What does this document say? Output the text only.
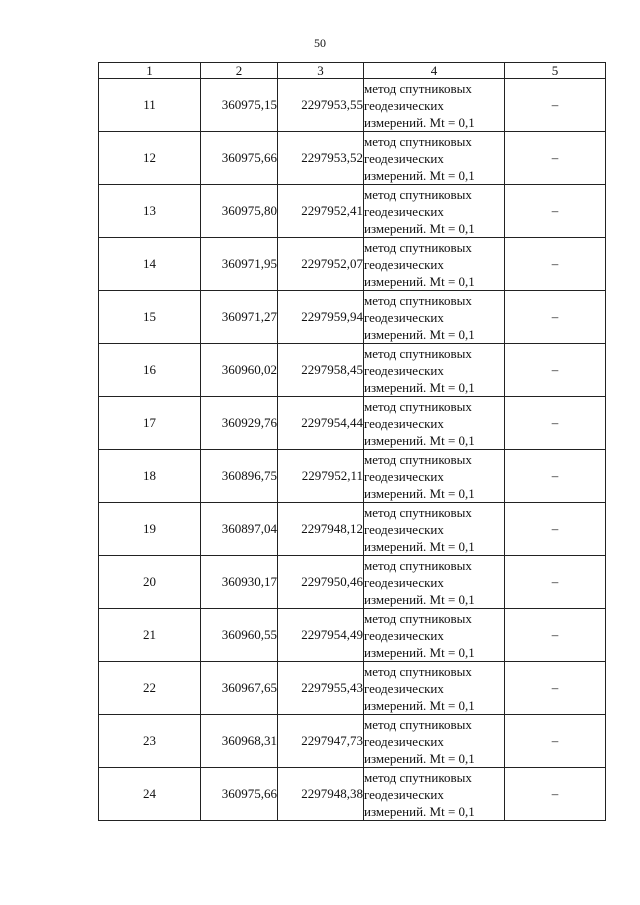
50
1	2	3	4	5
11	360975,15	2297953,55	метод спутниковых
геодезических
измерений. Mt = 0,1	–
12	360975,66	2297953,52	метод спутниковых
геодезических
измерений. Mt = 0,1	–
13	360975,80	2297952,41	метод спутниковых
геодезических
измерений. Mt = 0,1	–
14	360971,95	2297952,07	метод спутниковых
геодезических
измерений. Mt = 0,1	–
15	360971,27	2297959,94	метод спутниковых
геодезических
измерений. Mt = 0,1	–
16	360960,02	2297958,45	метод спутниковых
геодезических
измерений. Mt = 0,1	–
17	360929,76	2297954,44	метод спутниковых
геодезических
измерений. Mt = 0,1	–
18	360896,75	2297952,11	метод спутниковых
геодезических
измерений. Mt = 0,1	–
19	360897,04	2297948,12	метод спутниковых
геодезических
измерений. Mt = 0,1	–
20	360930,17	2297950,46	метод спутниковых
геодезических
измерений. Mt = 0,1	–
21	360960,55	2297954,49	метод спутниковых
геодезических
измерений. Mt = 0,1	–
22	360967,65	2297955,43	метод спутниковых
геодезических
измерений. Mt = 0,1	–
23	360968,31	2297947,73	метод спутниковых
геодезических
измерений. Mt = 0,1	–
24	360975,66	2297948,38	метод спутниковых
геодезических
измерений. Mt = 0,1	–
